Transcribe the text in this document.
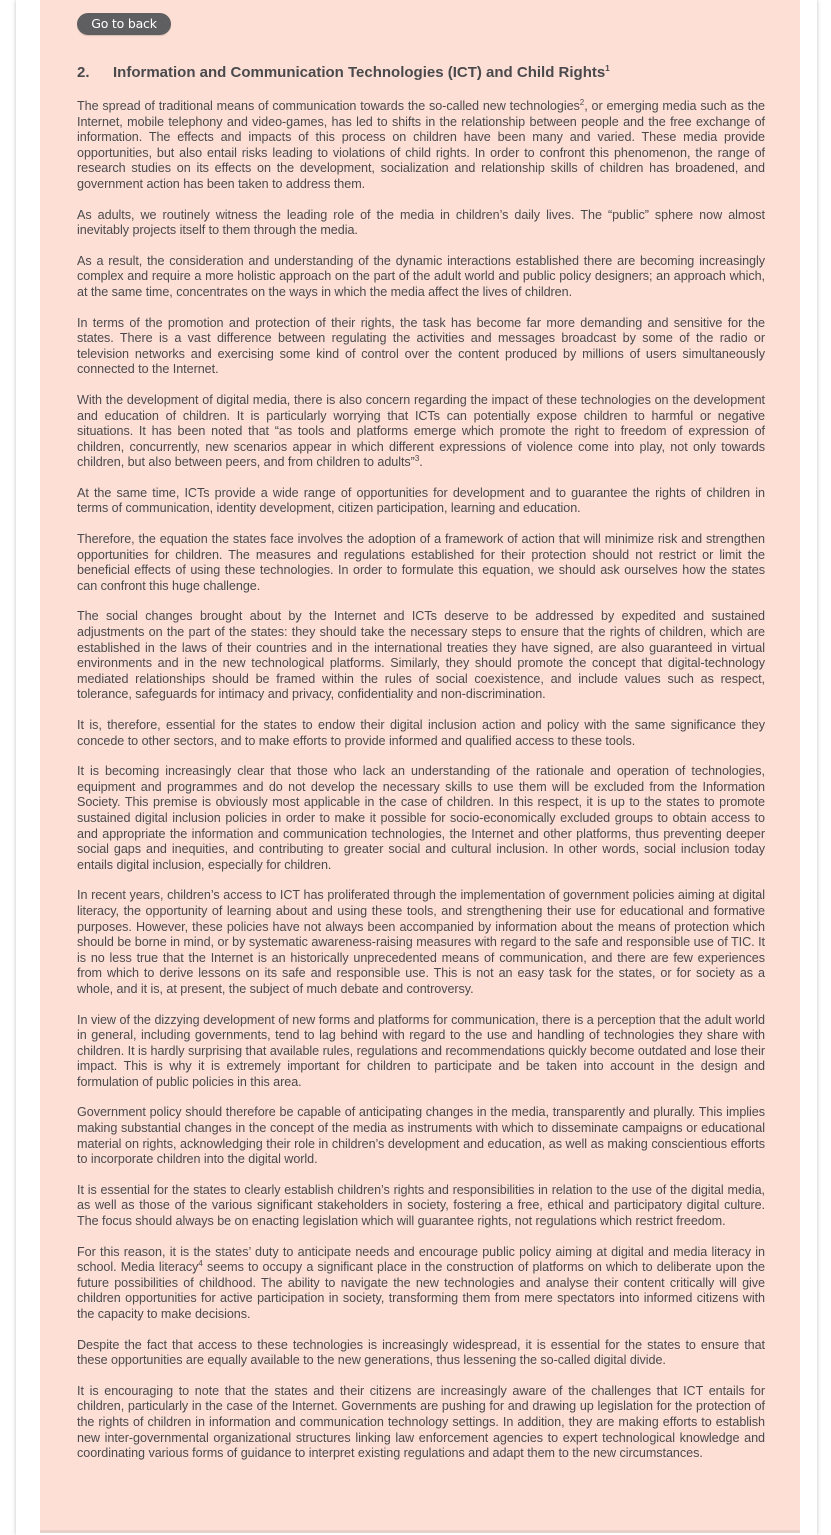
Go to back
2. Information and Communication Technologies (ICT) and Child Rights$^1$

The spread of traditional means of communication towards the so-called new technologies$^2$, or emerging media such as the Internet, mobile telephony and video-games, has led to shifts in the relationship between people and the free exchange of information. The effects and impacts of this process on children have been many and varied. These media provide opportunities, but also entail risks leading to violations of child rights. In order to confront this phenomenon, the range of research studies on its effects on the development, socialization and relationship skills of children has broadened, and government action has been taken to address them.

As adults, we routinely witness the leading role of the media in children’s daily lives. The “public” sphere now almost inevitably projects itself to them through the media.

As a result, the consideration and understanding of the dynamic interactions established there are becoming increasingly complex and require a more holistic approach on the part of the adult world and public policy designers; an approach which, at the same time, concentrates on the ways in which the media affect the lives of children.

In terms of the promotion and protection of their rights, the task has become far more demanding and sensitive for the states. There is a vast difference between regulating the activities and messages broadcast by some of the radio or television networks and exercising some kind of control over the content produced by millions of users simultaneously connected to the Internet.

With the development of digital media, there is also concern regarding the impact of these technologies on the development and education of children. It is particularly worrying that ICTs can potentially expose children to harmful or negative situations. It has been noted that “as tools and platforms emerge which promote the right to freedom of expression of children, concurrently, new scenarios appear in which different expressions of violence come into play, not only towards children, but also between peers, and from children to adults”$^3$.

At the same time, ICTs provide a wide range of opportunities for development and to guarantee the rights of children in terms of communication, identity development, citizen participation, learning and education.

Therefore, the equation the states face involves the adoption of a framework of action that will minimize risk and strengthen opportunities for children. The measures and regulations established for their protection should not restrict or limit the beneficial effects of using these technologies. In order to formulate this equation, we should ask ourselves how the states can confront this huge challenge.

The social changes brought about by the Internet and ICTs deserve to be addressed by expedited and sustained adjustments on the part of the states: they should take the necessary steps to ensure that the rights of children, which are established in the laws of their countries and in the international treaties they have signed, are also guaranteed in virtual environments and in the new technological platforms. Similarly, they should promote the concept that digital-technology mediated relationships should be framed within the rules of social coexistence, and include values such as respect, tolerance, safeguards for intimacy and privacy, confidentiality and non-discrimination.

It is, therefore, essential for the states to endow their digital inclusion action and policy with the same significance they concede to other sectors, and to make efforts to provide informed and qualified access to these tools.

It is becoming increasingly clear that those who lack an understanding of the rationale and operation of technologies, equipment and programmes and do not develop the necessary skills to use them will be excluded from the Information Society. This premise is obviously most applicable in the case of children. In this respect, it is up to the states to promote sustained digital inclusion policies in order to make it possible for socio-economically excluded groups to obtain access to and appropriate the information and communication technologies, the Internet and other platforms, thus preventing deeper social gaps and inequities, and contributing to greater social and cultural inclusion. In other words, social inclusion today entails digital inclusion, especially for children.

In recent years, children’s access to ICT has proliferated through the implementation of government policies aiming at digital literacy, the opportunity of learning about and using these tools, and strengthening their use for educational and formative purposes. However, these policies have not always been accompanied by information about the means of protection which should be borne in mind, or by systematic awareness-raising measures with regard to the safe and responsible use of TIC. It is no less true that the Internet is an historically unprecedented means of communication, and there are few experiences from which to derive lessons on its safe and responsible use. This is not an easy task for the states, or for society as a whole, and it is, at present, the subject of much debate and controversy.

In view of the dizzying development of new forms and platforms for communication, there is a perception that the adult world in general, including governments, tend to lag behind with regard to the use and handling of technologies they share with children. It is hardly surprising that available rules, regulations and recommendations quickly become outdated and lose their impact. This is why it is extremely important for children to participate and be taken into account in the design and formulation of public policies in this area.

Government policy should therefore be capable of anticipating changes in the media, transparently and plurally. This implies making substantial changes in the concept of the media as instruments with which to disseminate campaigns or educational material on rights, acknowledging their role in children’s development and education, as well as making conscientious efforts to incorporate children into the digital world.

It is essential for the states to clearly establish children’s rights and responsibilities in relation to the use of the digital media, as well as those of the various significant stakeholders in society, fostering a free, ethical and participatory digital culture. The focus should always be on enacting legislation which will guarantee rights, not regulations which restrict freedom.

For this reason, it is the states’ duty to anticipate needs and encourage public policy aiming at digital and media literacy in school. Media literacy$^4$ seems to occupy a significant place in the construction of platforms on which to deliberate upon the future possibilities of childhood. The ability to navigate the new technologies and analyse their content critically will give children opportunities for active participation in society, transforming them from mere spectators into informed citizens with the capacity to make decisions.

Despite the fact that access to these technologies is increasingly widespread, it is essential for the states to ensure that these opportunities are equally available to the new generations, thus lessening the so-called digital divide.

It is encouraging to note that the states and their citizens are increasingly aware of the challenges that ICT entails for children, particularly in the case of the Internet. Governments are pushing for and drawing up legislation for the protection of the rights of children in information and communication technology settings. In addition, they are making efforts to establish new inter-governmental organizational structures linking law enforcement agencies to expert technological knowledge and coordinating various forms of guidance to interpret existing regulations and adapt them to the new circumstances.
